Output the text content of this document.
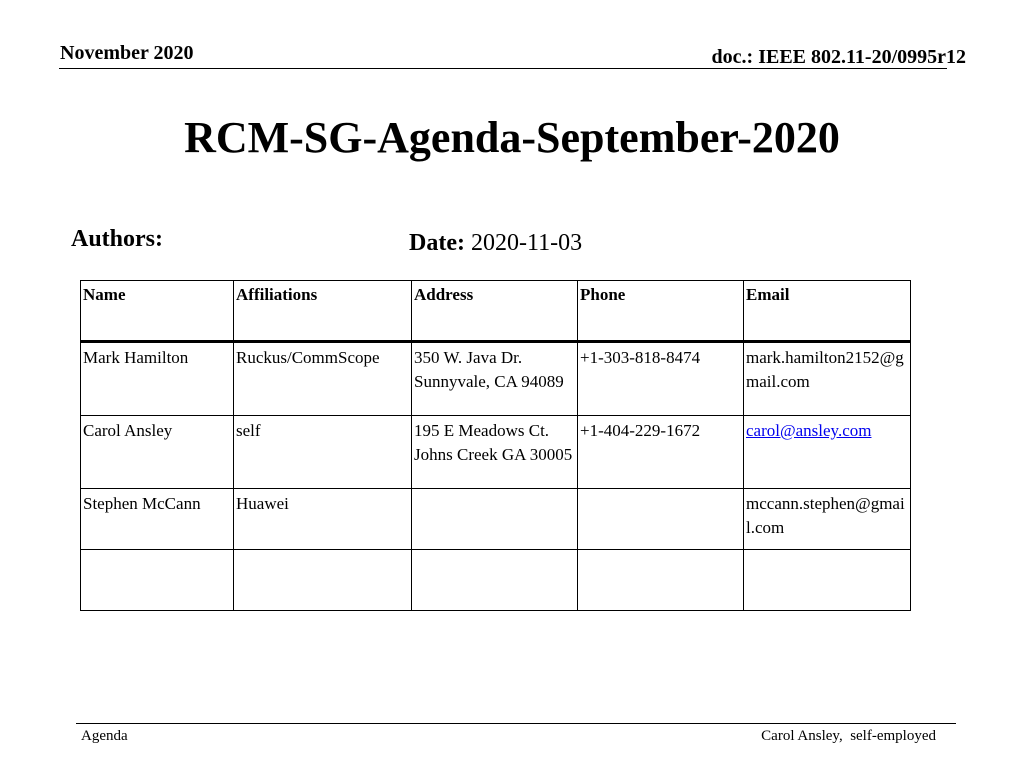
November 2020	doc.: IEEE 802.11-20/0995r12
RCM-SG-Agenda-September-2020
Authors:	Date: 2020-11-03
Name	Affiliations	Address	Phone	Email
Mark Hamilton	Ruckus/CommScope	350 W. Java Dr. Sunnyvale, CA 94089	+1-303-818-8474	mark.hamilton2152@gmail.com
Carol Ansley	self	195 E Meadows Ct. Johns Creek GA 30005	+1-404-229-1672	carol@ansley.com
Stephen McCann	Huawei			mccann.stephen@gmail.com

Agenda	Carol Ansley,  self-employed
